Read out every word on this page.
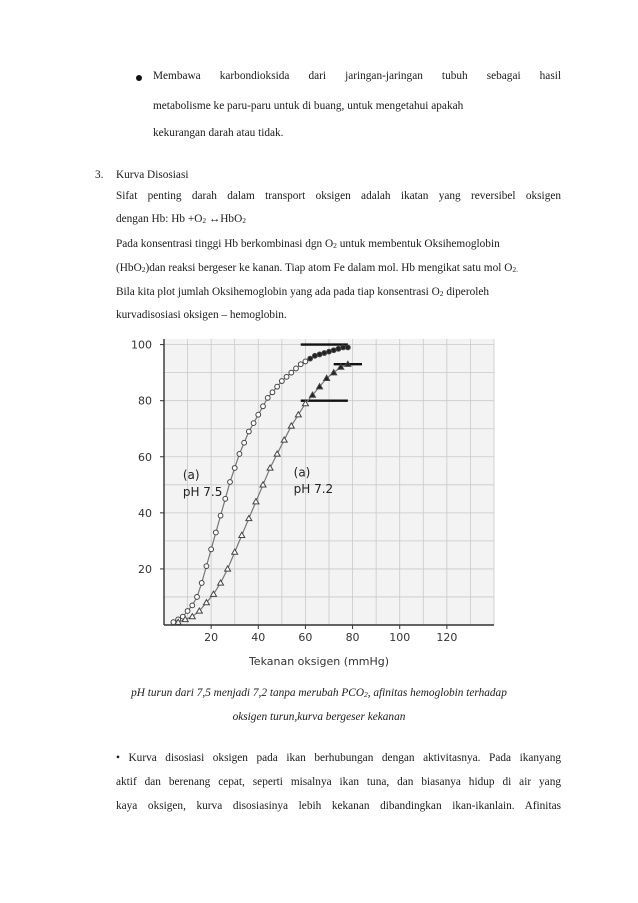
Membawa karbondioksida dari jaringan-jaringan tubuh sebagai hasil
metabolisme ke paru-paru untuk di buang, untuk mengetahui apakah
kekurangan darah atau tidak.
3. Kurva Disosiasi
Sifat penting darah dalam transport oksigen adalah ikatan yang reversibel oksigen
dengan Hb: $Hb +O_2$ ↔HbO$_2$
Pada konsentrasi tinggi Hb berkombinasi dgn $O_2$ untuk membentuk Oksihemoglobin
(HbO$_2$)dan reaksi bergeser ke kanan. Tiap atom Fe dalam mol. Hb mengikat satu mol $O_{2.}$
Bila kita plot jumlah Oksihemoglobin yang ada pada tiap konsentrasi $O_2$ diperoleh
kurvadisosiasi oksigen – hemoglobin.
20
40
60
80
100
20	40	60	80	100 120
Tekanan oksigen (mmHg)
(a)
pH 7.5
(a)
pH 7.2
pH turun dari 7,5 menjadi 7,2 tanpa merubah $PCO_2$, afinitas hemoglobin terhadap
oksigen turun,kurva bergeser kekanan
• Kurva disosiasi oksigen pada ikan berhubungan dengan aktivitasnya. Pada ikanyang
aktif dan berenang cepat, seperti misalnya ikan tuna, dan biasanya hidup di air yang
kaya oksigen, kurva disosiasinya lebih kekanan dibandingkan ikan-ikanlain. Afinitas
